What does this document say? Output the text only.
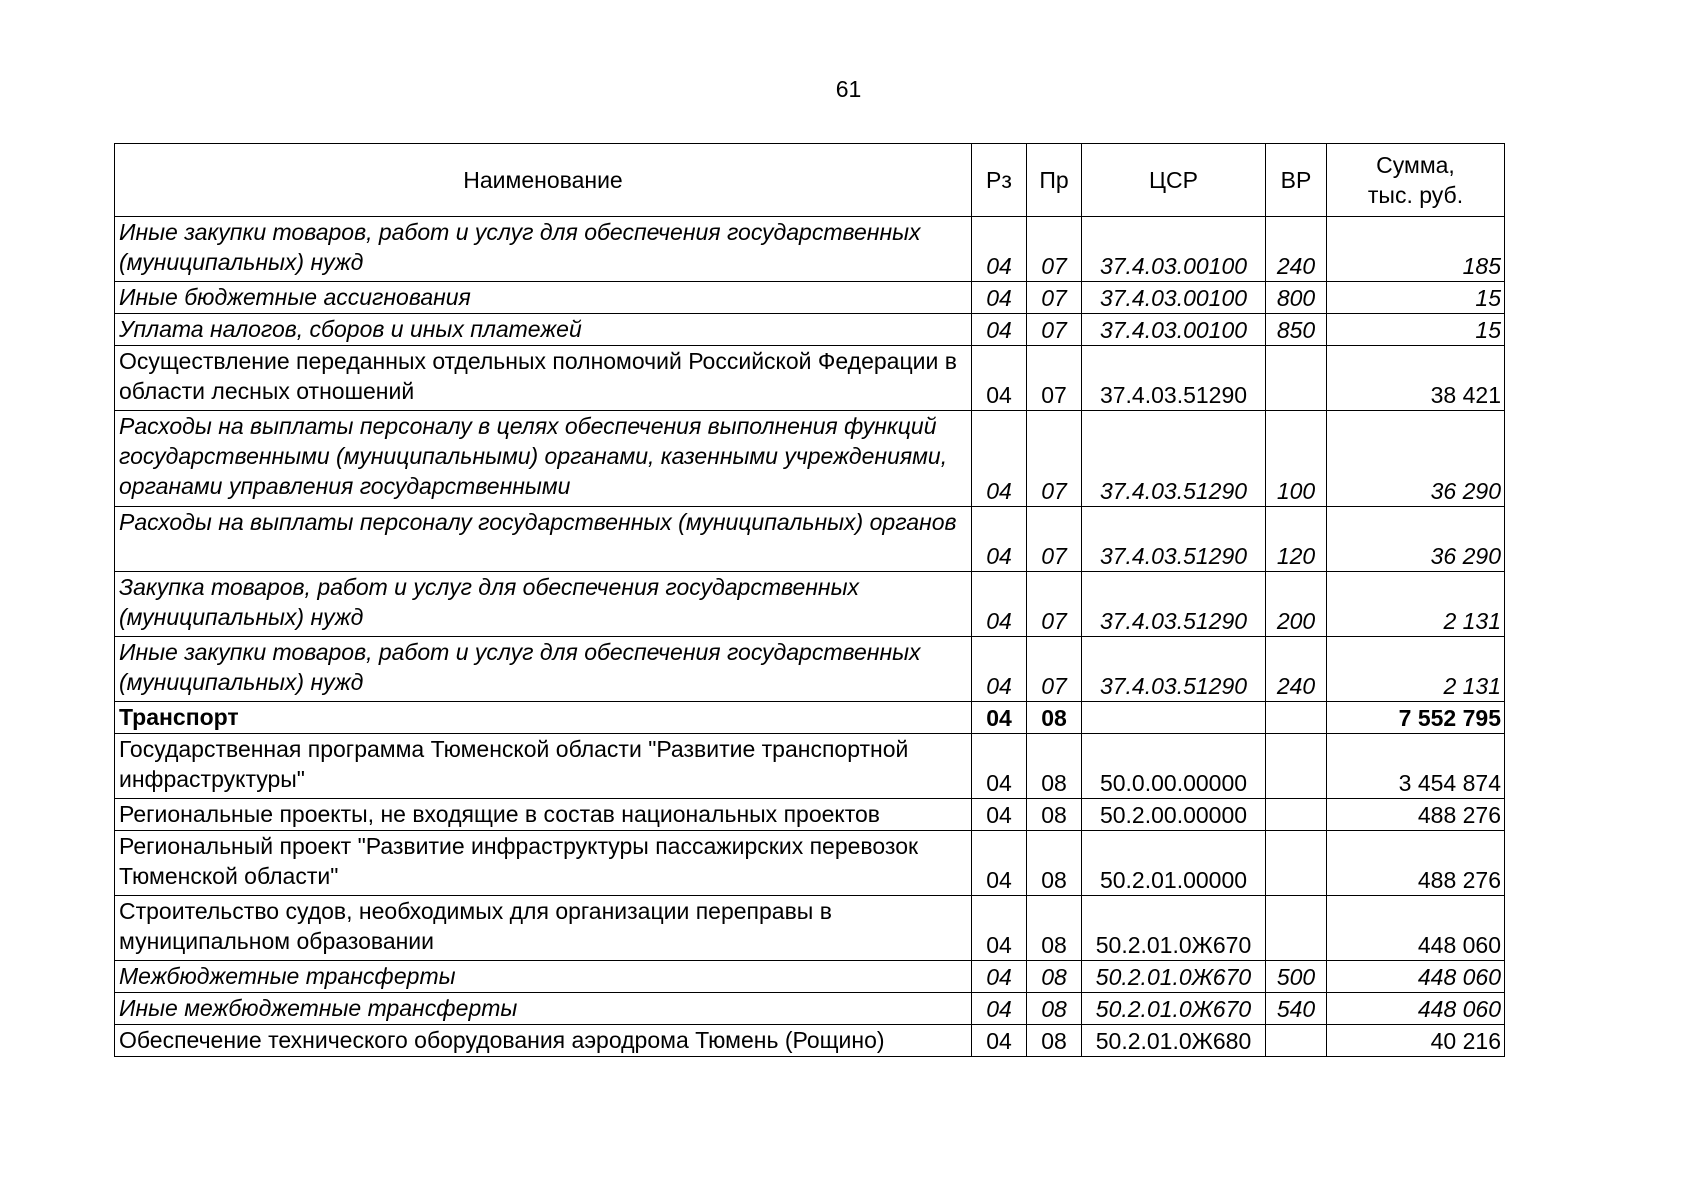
61
Наименование	Рз	Пр	ЦСР	ВР	Сумма,
тыс. руб.

Иные закупки товаров, работ и услуг для обеспечения государственных (муниципальных) нужд	04	07	37.4.03.00100	240	185
Иные бюджетные ассигнования	04	07	37.4.03.00100	800	15
Уплата налогов, сборов и иных платежей	04	07	37.4.03.00100	850	15
Осуществление переданных отдельных полномочий Российской Федерации в области лесных отношений	04	07	37.4.03.51290		38 421

Расходы на выплаты персоналу в целях обеспечения выполнения функций государственными (муниципальными) органами, казенными учреждениями, органами управления государственными	04	07	37.4.03.51290	100	36 290
Расходы на выплаты персоналу государственных (муниципальных) органов	04	07	37.4.03.51290	120	36 290
Закупка товаров, работ и услуг для обеспечения государственных (муниципальных) нужд	04	07	37.4.03.51290	200	2 131
Иные закупки товаров, работ и услуг для обеспечения государственных (муниципальных) нужд	04	07	37.4.03.51290	240	2 131
Транспорт	04	08			7 552 795
Государственная программа Тюменской области "Развитие транспортной инфраструктуры"	04	08	50.0.00.00000		3 454 874
Региональные проекты, не входящие в состав национальных проектов	04	08	50.2.00.00000		488 276
Региональный проект "Развитие инфраструктуры пассажирских перевозок Тюменской области"	04	08	50.2.01.00000		488 276
Строительство судов, необходимых для организации переправы в муниципальном образовании	04	08	50.2.01.0Ж670		448 060
Межбюджетные трансферты	04	08	50.2.01.0Ж670	500	448 060
Иные межбюджетные трансферты	04	08	50.2.01.0Ж670	540	448 060
Обеспечение технического оборудования аэродрома Тюмень (Рощино)	04	08	50.2.01.0Ж680		40 216
